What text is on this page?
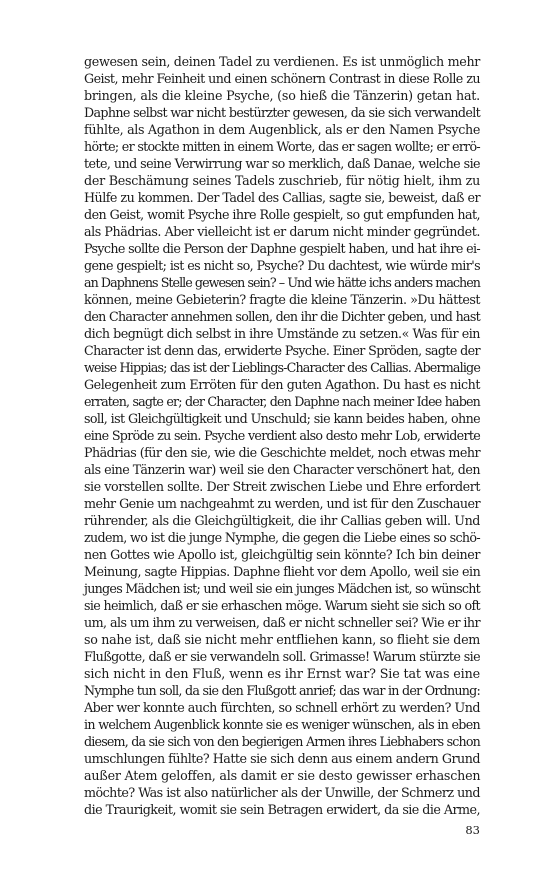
gewesen sein, deinen Tadel zu verdienen. Es ist unmöglich mehr
Geist, mehr Feinheit und einen schönern Contrast in diese Rolle zu
bringen, als die kleine Psyche, (so hieß die Tänzerin) getan hat.
Daphne selbst war nicht bestürzter gewesen, da sie sich verwandelt
fühlte, als Agathon in dem Augenblick, als er den Namen Psyche
hörte; er stockte mitten in einem Worte, das er sagen wollte; er errö-
tete, und seine Verwirrung war so merklich, daß Danae, welche sie
der Beschämung seines Tadels zuschrieb, für nötig hielt, ihm zu
Hülfe zu kommen. Der Tadel des Callias, sagte sie, beweist, daß er
den Geist, womit Psyche ihre Rolle gespielt, so gut empfunden hat,
als Phädrias. Aber vielleicht ist er darum nicht minder gegründet.
Psyche sollte die Person der Daphne gespielt haben, und hat ihre ei-
gene gespielt; ist es nicht so, Psyche? Du dachtest, wie würde mir's
an Daphnens Stelle gewesen sein? – Und wie hätte ichs anders machen
können, meine Gebieterin? fragte die kleine Tänzerin. »Du hättest
den Character annehmen sollen, den ihr die Dichter geben, und hast
dich begnügt dich selbst in ihre Umstände zu setzen.« Was für ein
Character ist denn das, erwiderte Psyche. Einer Spröden, sagte der
weise Hippias; das ist der Lieblings-Character des Callias. Abermalige
Gelegenheit zum Erröten für den guten Agathon. Du hast es nicht
erraten, sagte er; der Character, den Daphne nach meiner Idee haben
soll, ist Gleichgültigkeit und Unschuld; sie kann beides haben, ohne
eine Spröde zu sein. Psyche verdient also desto mehr Lob, erwiderte
Phädrias (für den sie, wie die Geschichte meldet, noch etwas mehr
als eine Tänzerin war) weil sie den Character verschönert hat, den
sie vorstellen sollte. Der Streit zwischen Liebe und Ehre erfordert
mehr Genie um nachgeahmt zu werden, und ist für den Zuschauer
rührender, als die Gleichgültigkeit, die ihr Callias geben will. Und
zudem, wo ist die junge Nymphe, die gegen die Liebe eines so schö-
nen Gottes wie Apollo ist, gleichgültig sein könnte? Ich bin deiner
Meinung, sagte Hippias. Daphne flieht vor dem Apollo, weil sie ein
junges Mädchen ist; und weil sie ein junges Mädchen ist, so wünscht
sie heimlich, daß er sie erhaschen möge. Warum sieht sie sich so oft
um, als um ihm zu verweisen, daß er nicht schneller sei? Wie er ihr
so nahe ist, daß sie nicht mehr entfliehen kann, so flieht sie dem
Flußgotte, daß er sie verwandeln soll. Grimasse! Warum stürzte sie
sich nicht in den Fluß, wenn es ihr Ernst war? Sie tat was eine
Nymphe tun soll, da sie den Flußgott anrief; das war in der Ordnung:
Aber wer konnte auch fürchten, so schnell erhört zu werden? Und
in welchem Augenblick konnte sie es weniger wünschen, als in eben
diesem, da sie sich von den begierigen Armen ihres Liebhabers schon
umschlungen fühlte? Hatte sie sich denn aus einem andern Grund
außer Atem geloffen, als damit er sie desto gewisser erhaschen
möchte? Was ist also natürlicher als der Unwille, der Schmerz und
die Traurigkeit, womit sie sein Betragen erwidert, da sie die Arme,
83
